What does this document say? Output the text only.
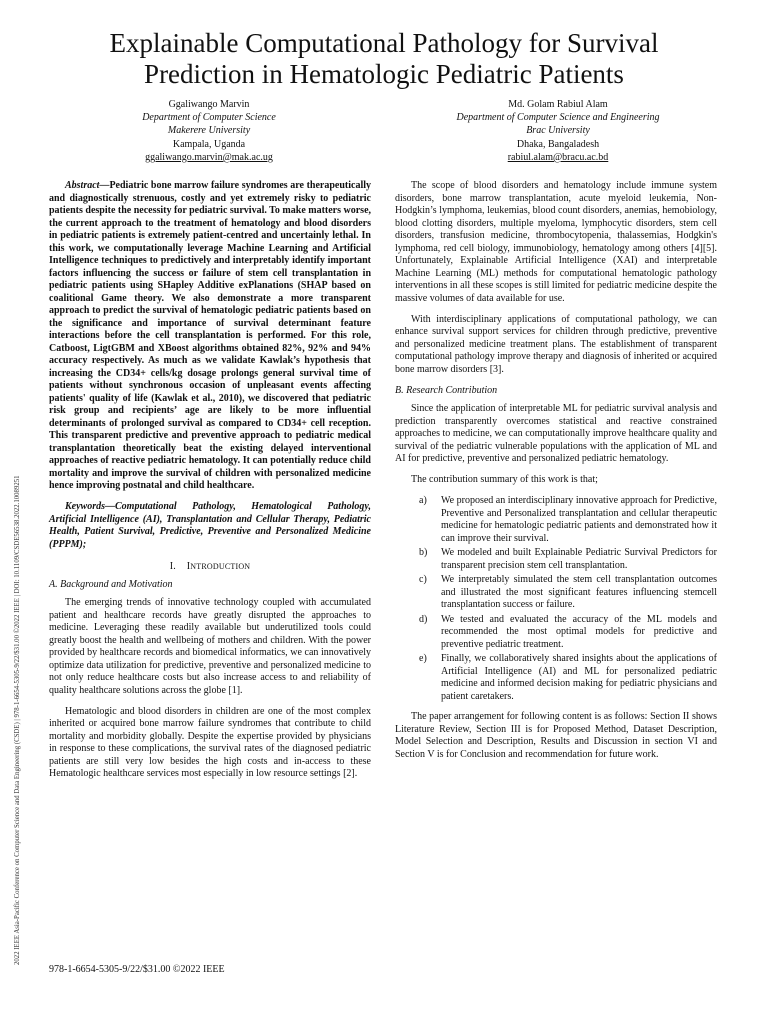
2022 IEEE Asia-Pacific Conference on Computer Science and Data Engineering (CSDE) | 978-1-6654-5305-9/22/$31.00 ©2022 IEEE | DOI: 10.1109/CSDE56538.2022.10089251
Explainable Computational Pathology for Survival
Prediction in Hematologic Pediatric Patients
Ggaliwango Marvin
Department of Computer Science
Makerere University
Kampala, Uganda
ggaliwango.marvin@mak.ac.ug
Md. Golam Rabiul Alam
Department of Computer Science and Engineering
Brac University
Dhaka, Bangaladesh
rabiul.alam@bracu.ac.bd

Abstract—Pediatric bone marrow failure syndromes are therapeutically and diagnostically strenuous, costly and yet extremely risky to pediatric patients despite the necessity for pediatric survival. To make matters worse, the current approach to the treatment of hematology and blood disorders in pediatric patients is extremely patient-centred and uncertainly lethal. In this work, we computationally leverage Machine Learning and Artificial Intelligence techniques to predictively and interpretably identify important factors influencing the success or failure of stem cell transplantation in pediatric patients using SHapley Additive exPlanations (SHAP based on coalitional Game theory. We also demonstrate a more transparent approach to predict the survival of hematologic pediatric patients based on the significance and importance of survival determinant feature interactions before the cell transplantation is performed. For this role, Catboost, LigtGBM and XBoost algorithms obtained 82%, 92% and 94% accuracy respectively. As much as we validate Kawlak’s hypothesis that increasing the CD34+ cells/kg dosage prolongs general survival time of patients without synchronous occasion of unpleasant events affecting patients' quality of life (Kawlak et al., 2010), we discovered that pediatric risk group and recipients’ age are likely to be more influential determinants of prolonged survival as compared to CD34+ cell reception. This transparent predictive and preventive approach to pediatric medical transplantation theoretically beat the existing delayed interventional approaches of reactive pediatric hematology. It can potentially reduce child mortality and improve the survival of children with personalized medicine hence improving postnatal and child healthcare.

Keywords—Computational Pathology, Hematological Pathology, Artificial Intelligence (AI), Transplantation and Cellular Therapy, Pediatric Health, Patient Survival, Predictive, Preventive and Personalized Medicine (PPPM);

I. INTRODUCTION
A. Background and Motivation

The emerging trends of innovative technology coupled with accumulated patient and healthcare records have greatly disrupted the approaches to medicine. Leveraging these readily available but underutilized tools could greatly boost the health and wellbeing of mothers and children. With the power provided by healthcare records and biomedical informatics, we can innovatively optimize data utilization for predictive, preventive and personalized medicine to not only reduce healthcare costs but also increase access to and reliability of quality healthcare solutions across the globe [1].

Hematologic and blood disorders in children are one of the most complex inherited or acquired bone marrow failure syndromes that contribute to child mortality and morbidity globally. Despite the expertise provided by physicians in response to these complications, the survival rates of the diagnosed pediatric patients are still very low besides the high costs and in-access to these Hematologic healthcare services most especially in low resource settings [2].

The scope of blood disorders and hematology include immune system disorders, bone marrow transplantation, acute myeloid leukemia, Non-Hodgkin’s lymphoma, leukemias, blood count disorders, anemias, hemobiology, blood clotting disorders, multiple myeloma, lymphocytic disorders, stem cell disorders, transfusion medicine, thrombocytopenia, thalassemias, Hodgkin's lymphoma, red cell biology, immunobiology, hematology among others [4][5]. Unfortunately, Explainable Artificial Intelligence (XAI) and interpretable Machine Learning (ML) methods for computational hematologic pathology interventions in all these scopes is still limited for pediatric medicine despite the massive volumes of data available for use.

With interdisciplinary applications of computational pathology, we can enhance survival support services for children through predictive, preventive and personalized medicine treatment plans. The establishment of transparent computational pathology improve therapy and diagnosis of inherited or acquired bone marrow disorders [3].

B. Research Contribution

Since the application of interpretable ML for pediatric survival analysis and prediction transparently overcomes statistical and reactive constrained approaches to medicine, we can computationally improve healthcare quality and survival of the pediatric vulnerable populations with the application of ML and AI for predictive, preventive and personalized pediatric hematology.

The contribution summary of this work is that;

a) We proposed an interdisciplinary innovative approach for Predictive, Preventive and Personalized transplantation and cellular therapeutic medicine for hematologic pediatric patients and demonstrated how it can improve their survival.
b) We modeled and built Explainable Pediatric Survival Predictors for transparent precision stem cell transplantation.
c) We interpretably simulated the stem cell transplantation outcomes and illustrated the most significant features influencing stemcell transplantation success or failure.
d) We tested and evaluated the accuracy of the ML models and recommended the most optimal models for predictive and preventive pediatric treatment.
e) Finally, we collaboratively shared insights about the applications of Artificial Intelligence (AI) and ML for personalized pediatric medicine and informed decision making for pediatric physicians and patient caretakers.

The paper arrangement for following content is as follows: Section II shows Literature Review, Section III is for Proposed Method, Dataset Description, Model Selection and Description, Results and Discussion in section VI and Section V is for Conclusion and recommendation for future work.

978-1-6654-5305-9/22/$31.00 ©2022 IEEE
